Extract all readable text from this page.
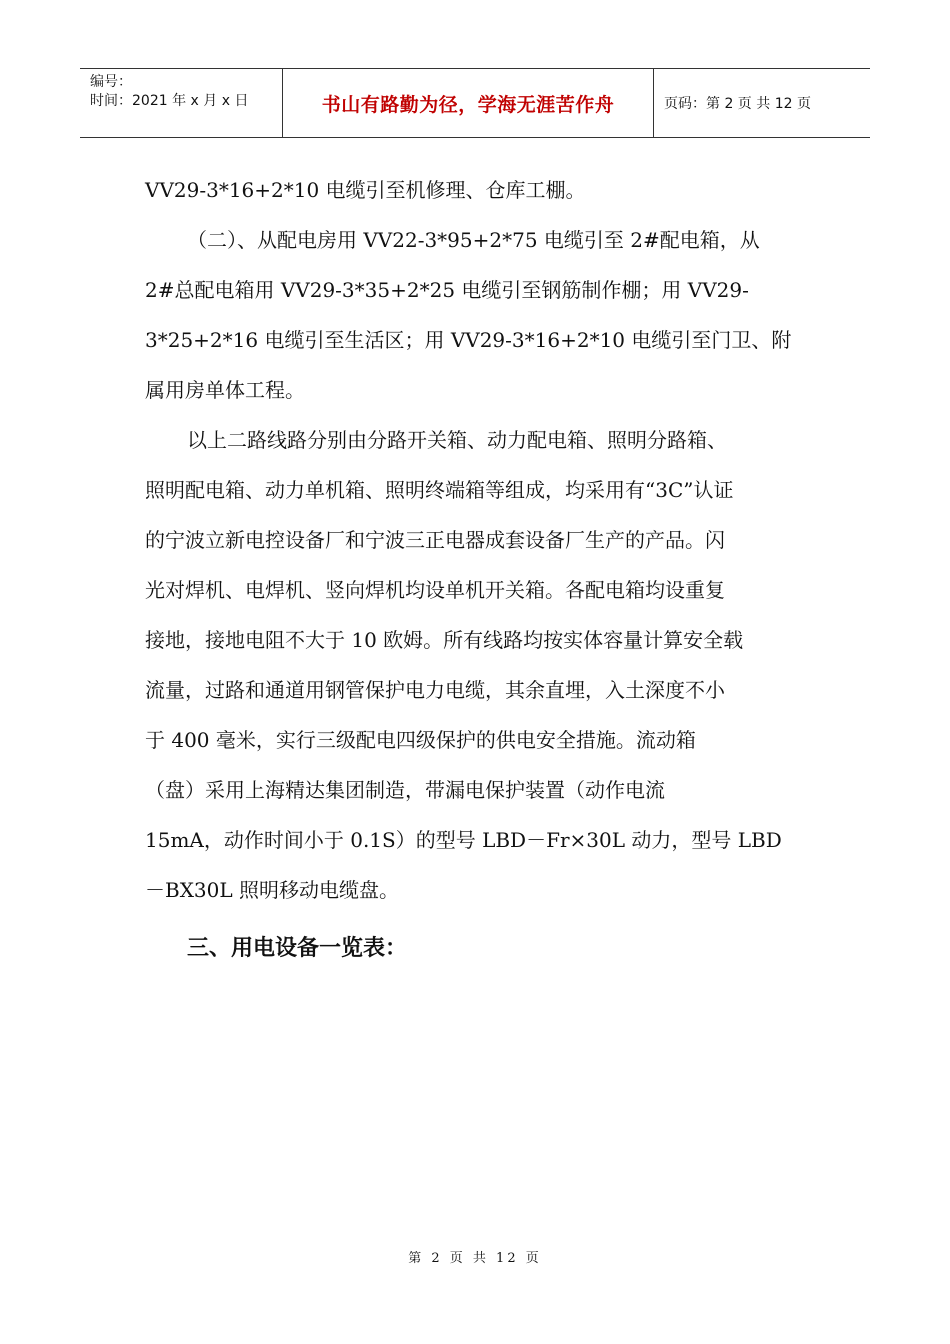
编号：
时间：2021 年 x 月 x 日	书山有路勤为径，学海无涯苦作舟	页码：第 2 页 共 12 页
VV29-3*16+2*10 电缆引至机修理、仓库工棚。
（二）、从配电房用 VV22-3*95+2*75 电缆引至 2#配电箱，从
2#总配电箱用 VV29-3*35+2*25 电缆引至钢筋制作棚；用 VV29-
3*25+2*16 电缆引至生活区；用 VV29-3*16+2*10 电缆引至门卫、附
属用房单体工程。
以上二路线路分别由分路开关箱、动力配电箱、照明分路箱、
照明配电箱、动力单机箱、照明终端箱等组成，均采用有“3C”认证
的宁波立新电控设备厂和宁波三正电器成套设备厂生产的产品。闪
光对焊机、电焊机、竖向焊机均设单机开关箱。各配电箱均设重复
接地，接地电阻不大于 10 欧姆。所有线路均按实体容量计算安全载
流量，过路和通道用钢管保护电力电缆，其余直埋，入土深度不小
于 400 毫米，实行三级配电四级保护的供电安全措施。流动箱
（盘）采用上海精达集团制造，带漏电保护装置（动作电流
15mA，动作时间小于 0.1S）的型号 LBD－Fr×30L 动力，型号 LBD
－BX30L 照明移动电缆盘。
三、用电设备一览表：
第 2 页 共 12 页
